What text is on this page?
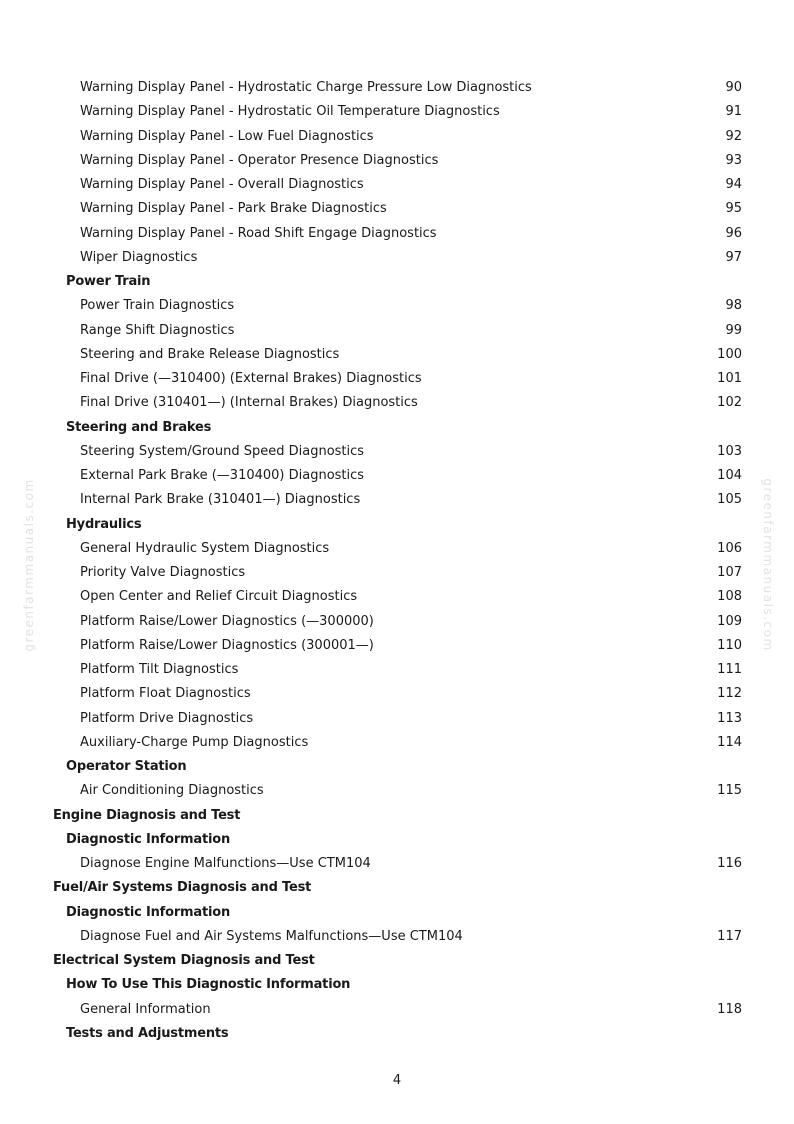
greenfarmmanuals.com	greenfarmmanuals.com
Warning Display Panel - Hydrostatic Charge Pressure Low Diagnostics	90
Warning Display Panel - Hydrostatic Oil Temperature Diagnostics	91
Warning Display Panel - Low Fuel Diagnostics	92
Warning Display Panel - Operator Presence Diagnostics	93
Warning Display Panel - Overall Diagnostics	94
Warning Display Panel - Park Brake Diagnostics	95
Warning Display Panel - Road Shift Engage Diagnostics	96
Wiper Diagnostics	97
Power Train
Power Train Diagnostics	98
Range Shift Diagnostics	99
Steering and Brake Release Diagnostics	100
Final Drive (—310400) (External Brakes) Diagnostics	101
Final Drive (310401—) (Internal Brakes) Diagnostics	102
Steering and Brakes
Steering System/Ground Speed Diagnostics	103
External Park Brake (—310400) Diagnostics	104
Internal Park Brake (310401—) Diagnostics	105
Hydraulics
General Hydraulic System Diagnostics	106
Priority Valve Diagnostics	107
Open Center and Relief Circuit Diagnostics	108
Platform Raise/Lower Diagnostics (—300000)	109
Platform Raise/Lower Diagnostics (300001—)	110
Platform Tilt Diagnostics	111
Platform Float Diagnostics	112
Platform Drive Diagnostics	113
Auxiliary-Charge Pump Diagnostics	114
Operator Station
Air Conditioning Diagnostics	115
Engine Diagnosis and Test
Diagnostic Information
Diagnose Engine Malfunctions—Use CTM104	116
Fuel/Air Systems Diagnosis and Test
Diagnostic Information
Diagnose Fuel and Air Systems Malfunctions—Use CTM104	117
Electrical System Diagnosis and Test
How To Use This Diagnostic Information
General Information	118
Tests and Adjustments
4
